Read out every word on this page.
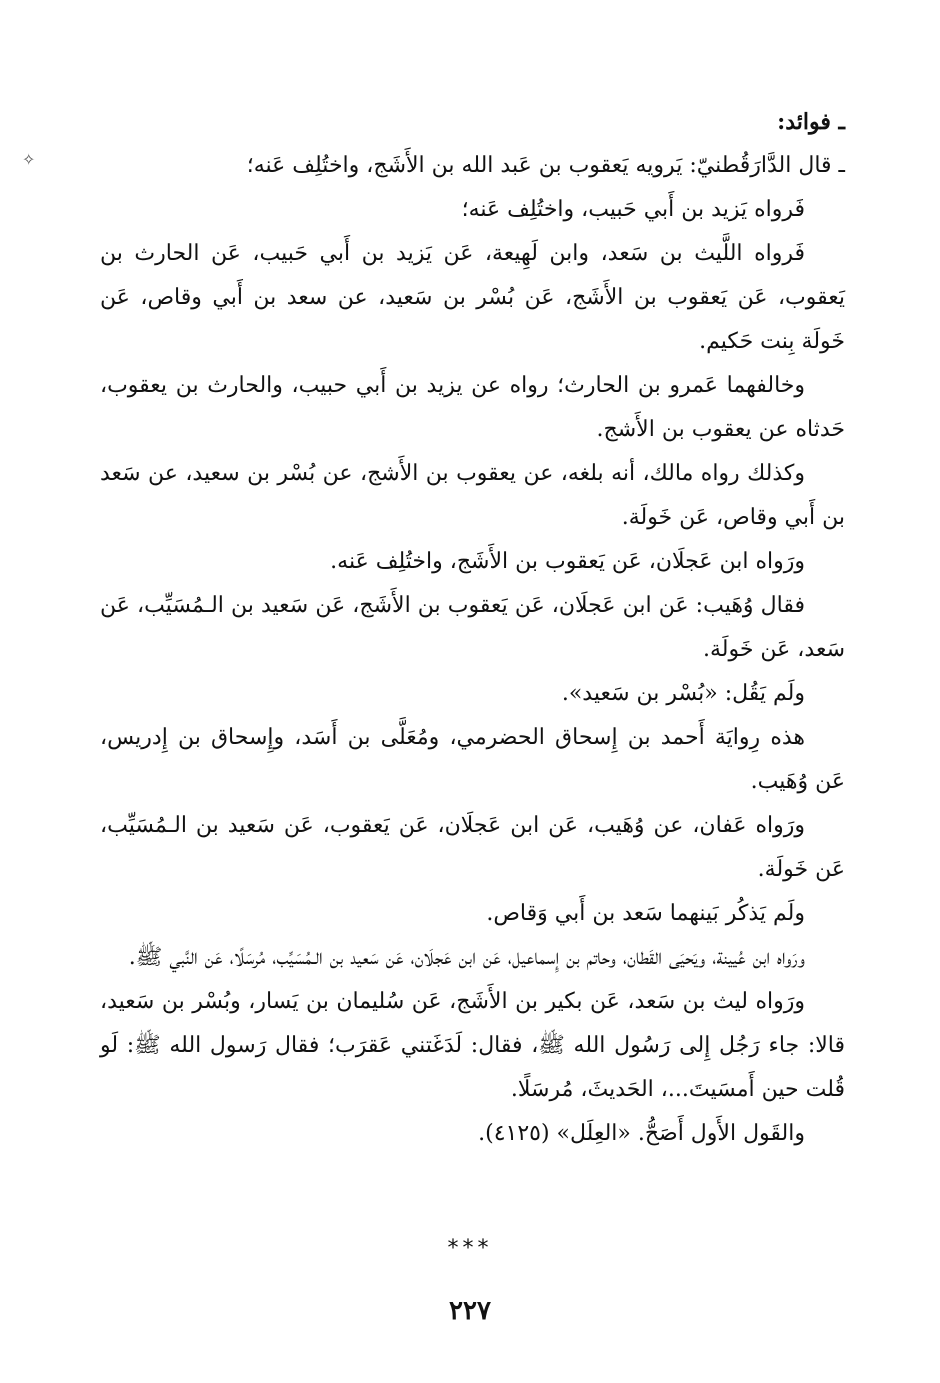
✧

ـ فوائد:

ـ قال الدَّارَقُطنيّ: يَرويه يَعقوب بن عَبد الله بن الأَشَج، واختُلِف عَنه؛

فَرواه يَزيد بن أَبي حَبيب، واختُلِف عَنه؛

فَرواه اللَّيث بن سَعد، وابن لَهِيعة، عَن يَزيد بن أَبي حَبيب، عَن الحارث بن يَعقوب، عَن يَعقوب بن الأَشَج، عَن بُسْر بن سَعيد، عن سعد بن أَبي وقاص، عَن خَولَة بِنت حَكيم.

وخالفهما عَمرو بن الحارث؛ رواه عن يزيد بن أَبي حبيب، والحارث بن يعقوب، حَدثاه عن يعقوب بن الأَشج.

وكذلك رواه مالك، أنه بلغه، عن يعقوب بن الأَشج، عن بُسْر بن سعيد، عن سَعد بن أَبي وقاص، عَن خَولَة.

ورَواه ابن عَجلَان، عَن يَعقوب بن الأَشَج، واختُلِف عَنه.

فقال وُهَيب: عَن ابن عَجلَان، عَن يَعقوب بن الأَشَج، عَن سَعيد بن الـمُسَيِّب، عَن سَعد، عَن خَولَة.

ولَم يَقُل: «بُسْر بن سَعيد».

هذه رِوايَة أَحمد بن إِسحاق الحضرمي، ومُعَلَّى بن أَسَد، وإِسحاق بن إِدريس، عَن وُهَيب.

ورَواه عَفان، عن وُهَيب، عَن ابن عَجلَان، عَن يَعقوب، عَن سَعيد بن الـمُسَيِّب، عَن خَولَة.

ولَم يَذكُر بَينهما سَعد بن أَبي وَقاص.

ورَواه ابن عُيينة، ويَحيَى القَطان، وحاتم بن إِسماعيل، عَن ابن عَجلَان، عَن سَعيد بن الـمُسَيِّب، مُرسَلًا، عَن النَّبي ﷺ.

ورَواه ليث بن سَعد، عَن بكير بن الأَشَج، عَن سُليمان بن يَسار، وبُسْر بن سَعيد، قالا: جاء رَجُل إِلى رَسُول الله ﷺ، فقال: لَدَغَتني عَقرَب؛ فقال رَسول الله ﷺ: لَو قُلت حين أَمسَيتَ...، الحَديثَ، مُرسَلًا.

والقَول الأَول أَصَحُّ. «العِلَل» (٤١٢٥).

***
٢٢٧
